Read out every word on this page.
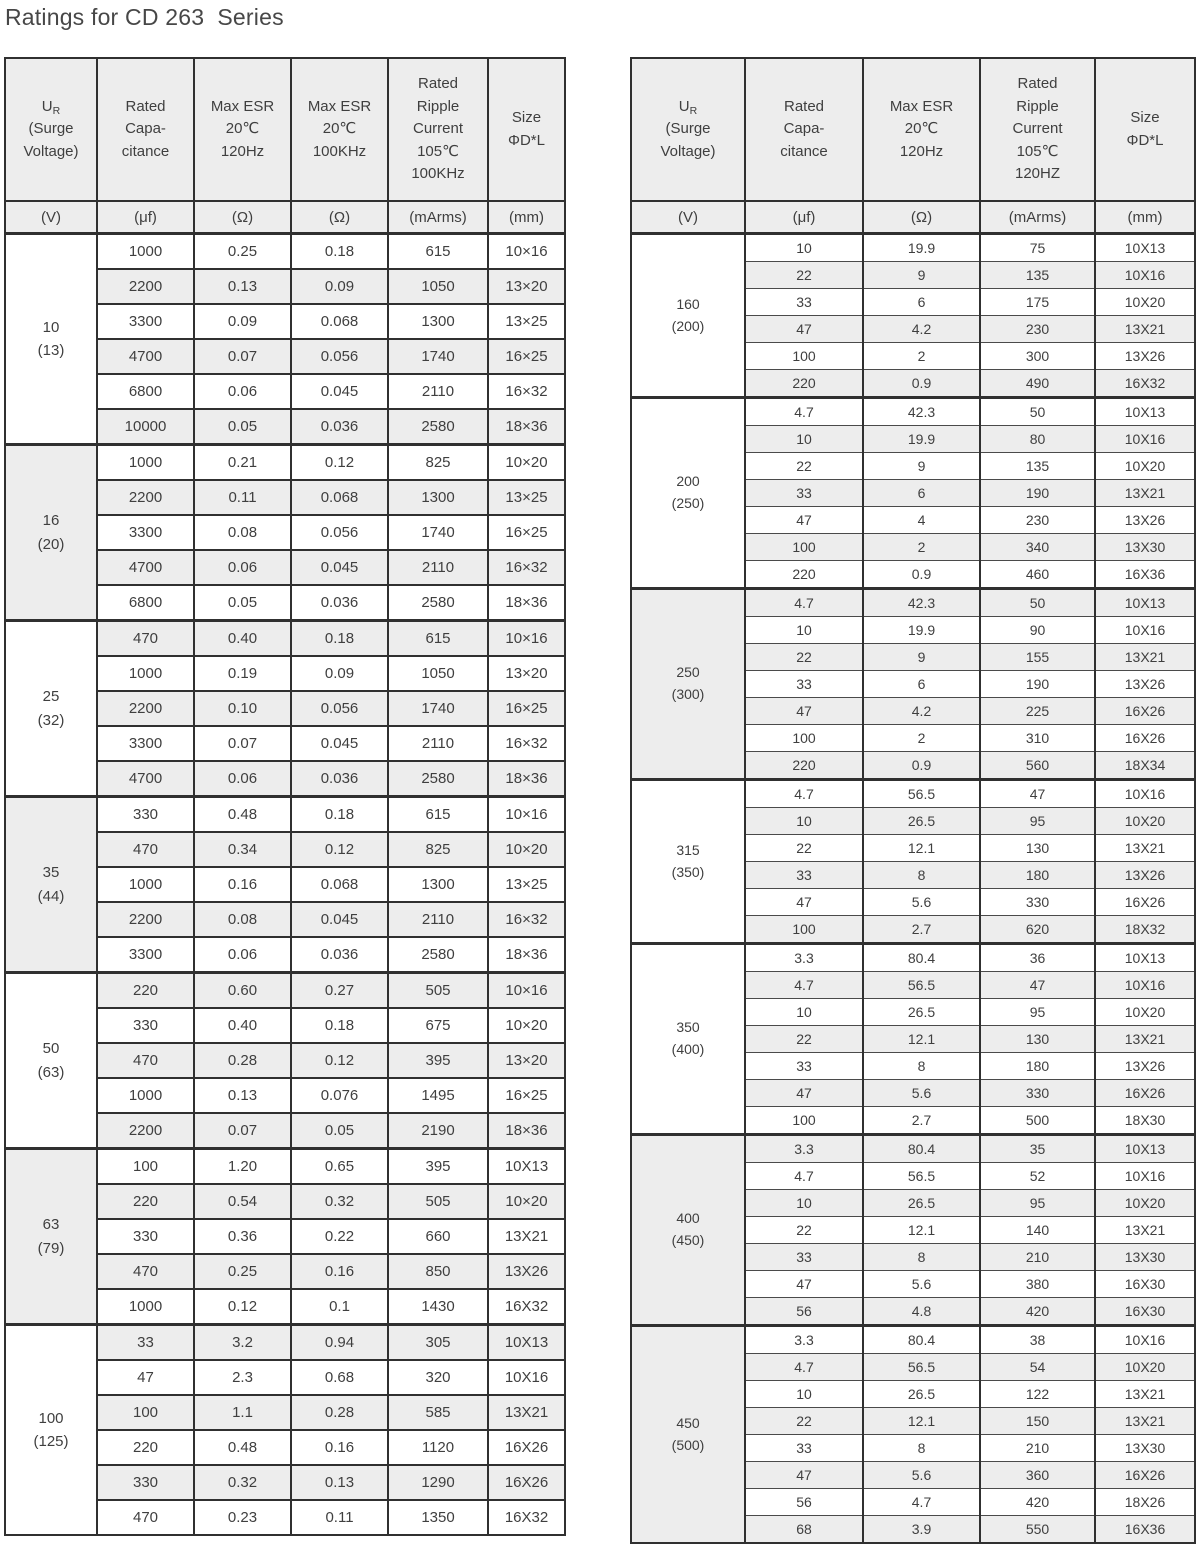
Ratings for CD 263  Series
$U_R$
(Surge
Voltage)

Rated
Capa-
citance

Max ESR
20℃
120Hz

Max ESR
20℃
100KHz

Rated
Ripple
Current
105℃
100KHz

Size
ΦD*L

(V)	(μf)	(Ω)	(Ω)	(mArms)	(mm)

10
(13)	1000	0.25	0.18	615	10×16
	2200	0.13	0.09	1050	13×20
	3300	0.09	0.068	1300	13×25
	4700	0.07	0.056	1740	16×25
	6800	0.06	0.045	2110	16×32
	10000	0.05	0.036	2580	18×36

16
(20)	1000	0.21	0.12	825	10×20
	2200	0.11	0.068	1300	13×25
	3300	0.08	0.056	1740	16×25
	4700	0.06	0.045	2110	16×32
	6800	0.05	0.036	2580	18×36

25
(32)	470	0.40	0.18	615	10×16
	1000	0.19	0.09	1050	13×20
	2200	0.10	0.056	1740	16×25
	3300	0.07	0.045	2110	16×32
	4700	0.06	0.036	2580	18×36

35
(44)	330	0.48	0.18	615	10×16
	470	0.34	0.12	825	10×20
	1000	0.16	0.068	1300	13×25
	2200	0.08	0.045	2110	16×32
	3300	0.06	0.036	2580	18×36

50
(63)	220	0.60	0.27	505	10×16
	330	0.40	0.18	675	10×20
	470	0.28	0.12	395	13×20
	1000	0.13	0.076	1495	16×25
	2200	0.07	0.05	2190	18×36

63
(79)	100	1.20	0.65	395	10X13
	220	0.54	0.32	505	10×20
	330	0.36	0.22	660	13X21
	470	0.25	0.16	850	13X26
	1000	0.12	0.1	1430	16X32

100
(125)	33	3.2	0.94	305	10X13
	47	2.3	0.68	320	10X16
	100	1.1	0.28	585	13X21
	220	0.48	0.16	1120	16X26
	330	0.32	0.13	1290	16X26
	470	0.23	0.11	1350	16X32
$U_R$
(Surge
Voltage)

Rated
Capa-
citance

Max ESR
20℃
120Hz

Rated
Ripple
Current
105℃
120HZ

Size
ΦD*L

(V)	(μf)	(Ω)	(mArms)	(mm)

160
(200)	10	19.9	75	10X13
	22	9	135	10X16
	33	6	175	10X20
	47	4.2	230	13X21
	100	2	300	13X26
	220	0.9	490	16X32

200
(250)	4.7	42.3	50	10X13
	10	19.9	80	10X16
	22	9	135	10X20
	33	6	190	13X21
	47	4	230	13X26
	100	2	340	13X30
	220	0.9	460	16X36

250
(300)	4.7	42.3	50	10X13
	10	19.9	90	10X16
	22	9	155	13X21
	33	6	190	13X26
	47	4.2	225	16X26
	100	2	310	16X26
	220	0.9	560	18X34

315
(350)	4.7	56.5	47	10X16
	10	26.5	95	10X20
	22	12.1	130	13X21
	33	8	180	13X26
	47	5.6	330	16X26
	100	2.7	620	18X32

350
(400)	3.3	80.4	36	10X13
	4.7	56.5	47	10X16
	10	26.5	95	10X20
	22	12.1	130	13X21
	33	8	180	13X26
	47	5.6	330	16X26
	100	2.7	500	18X30

400
(450)	3.3	80.4	35	10X13
	4.7	56.5	52	10X16
	10	26.5	95	10X20
	22	12.1	140	13X21
	33	8	210	13X30
	47	5.6	380	16X30
	56	4.8	420	16X30

450
(500)	3.3	80.4	38	10X16
	4.7	56.5	54	10X20
	10	26.5	122	13X21
	22	12.1	150	13X21
	33	8	210	13X30
	47	5.6	360	16X26
	56	4.7	420	18X26
	68	3.9	550	16X36
